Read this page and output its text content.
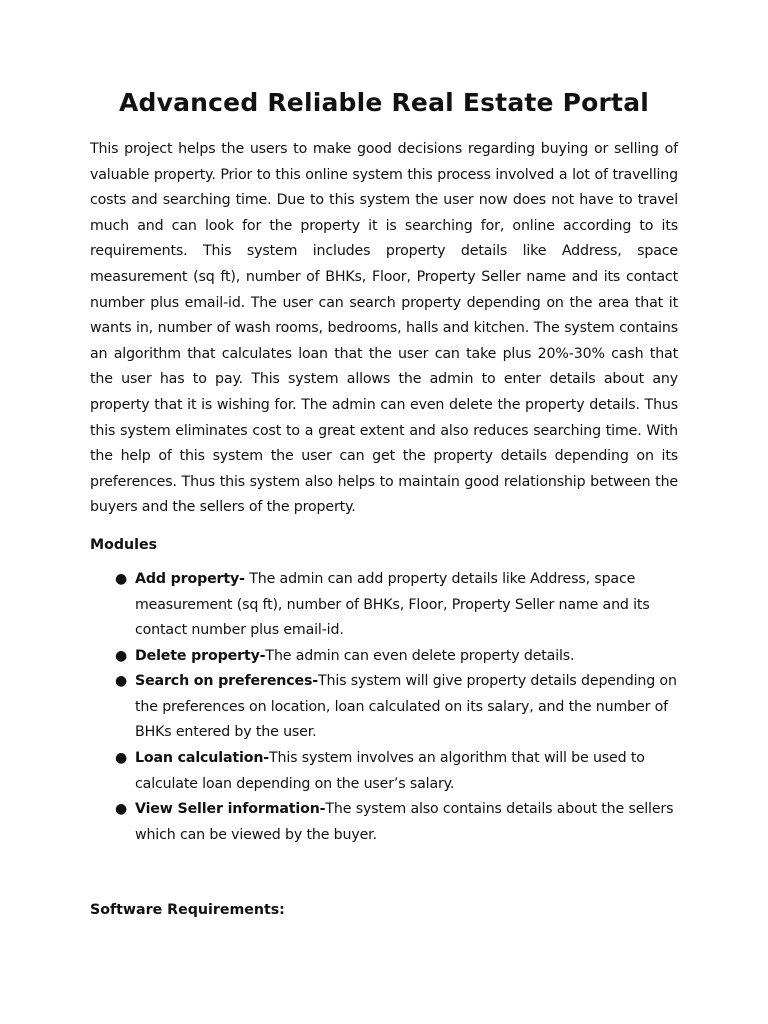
Advanced Reliable Real Estate Portal

This project helps the users to make good decisions regarding buying or selling of valuable property. Prior to this online system this process involved a lot of travelling costs and searching time. Due to this system the user now does not have to travel much and can look for the property it is searching for, online according to its requirements. This system includes property details like Address, space measurement (sq ft), number of BHKs, Floor, Property Seller name and its contact number plus email-id. The user can search property depending on the area that it wants in, number of wash rooms, bedrooms, halls and kitchen. The system contains an algorithm that calculates loan that the user can take plus 20%-30% cash that the user has to pay. This system allows the admin to enter details about any property that it is wishing for. The admin can even delete the property details. Thus this system eliminates cost to a great extent and also reduces searching time. With the help of this system the user can get the property details depending on its preferences. Thus this system also helps to maintain good relationship between the buyers and the sellers of the property.

Modules
● Add property- The admin can add property details like Address, space measurement (sq ft), number of BHKs, Floor, Property Seller name and its contact number plus email-id.
● Delete property-The admin can even delete property details.
● Search on preferences-This system will give property details depending on the preferences on location, loan calculated on its salary, and the number of BHKs entered by the user.
● Loan calculation-This system involves an algorithm that will be used to calculate loan depending on the user’s salary.
● View Seller information-The system also contains details about the sellers which can be viewed by the buyer.
Software Requirements:
